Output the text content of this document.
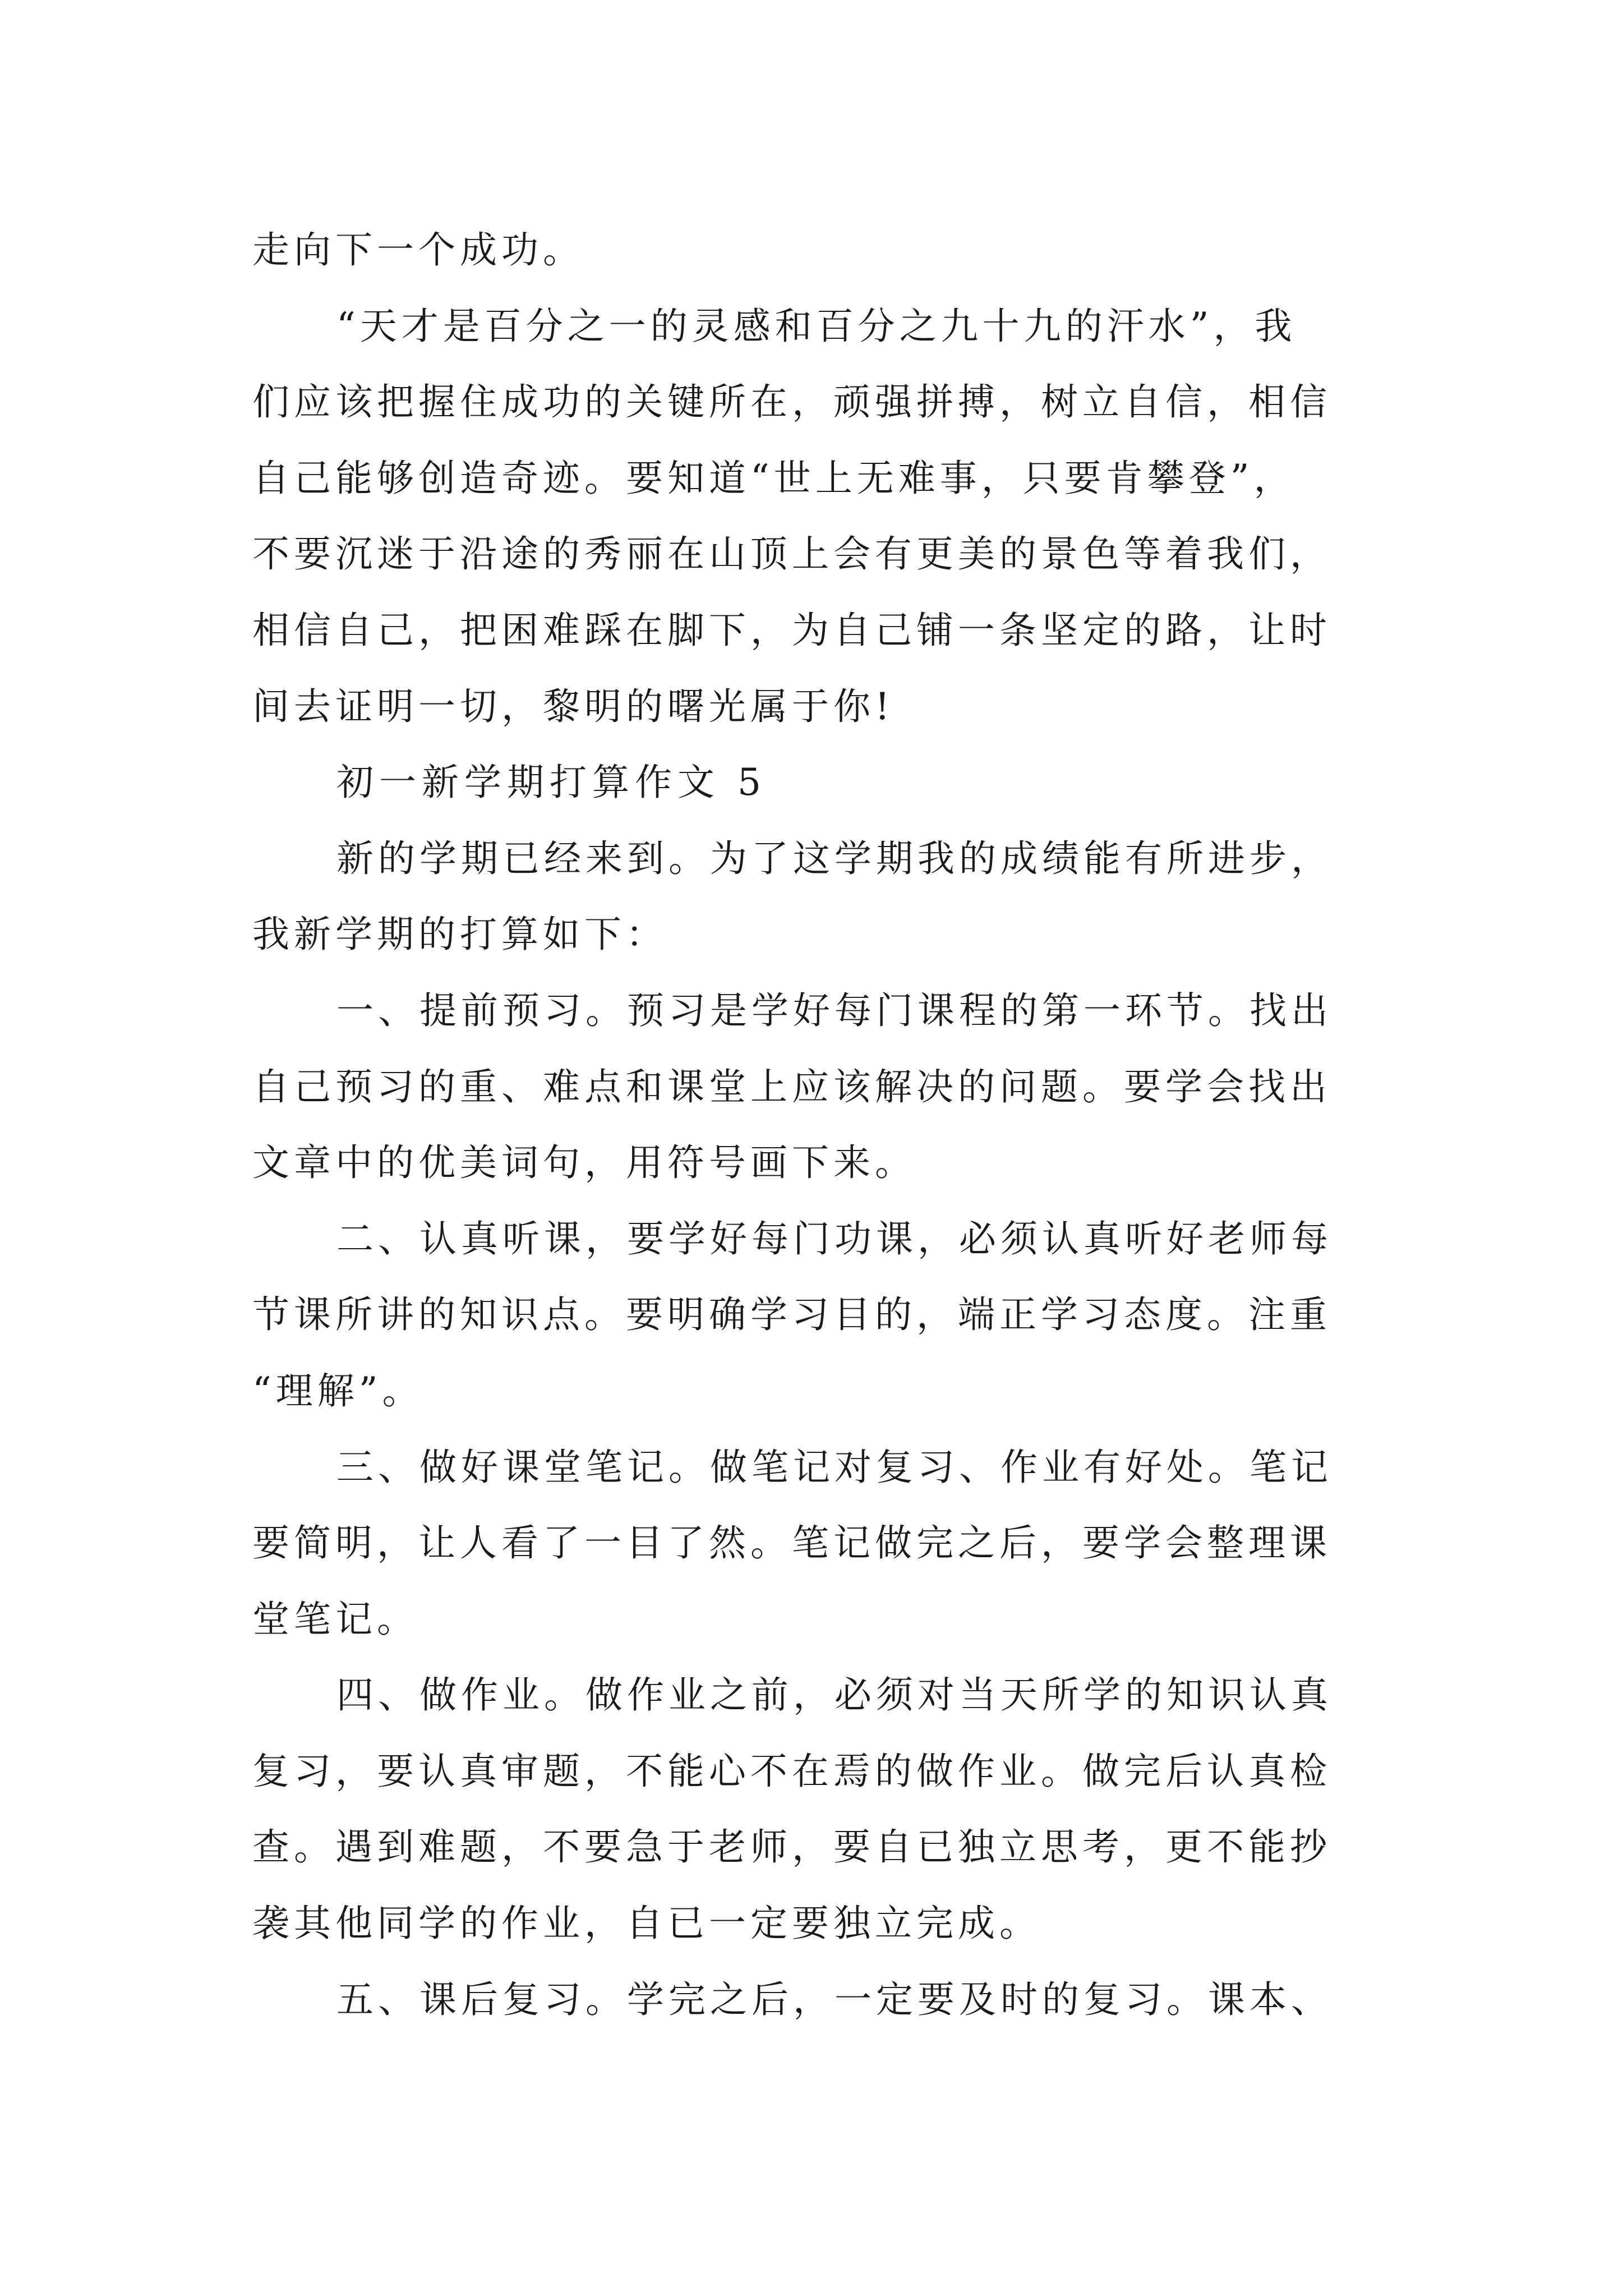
走向下一个成功。
“天才是百分之一的灵感和百分之九十九的汗水”，我
们应该把握住成功的关键所在，顽强拼搏，树立自信，相信
自己能够创造奇迹。要知道“世上无难事，只要肯攀登”，
不要沉迷于沿途的秀丽在山顶上会有更美的景色等着我们，
相信自己，把困难踩在脚下，为自己铺一条坚定的路，让时
间去证明一切，黎明的曙光属于你!
初一新学期打算作文 5
新的学期已经来到。为了这学期我的成绩能有所进步，
我新学期的打算如下：
一、提前预习。预习是学好每门课程的第一环节。找出
自己预习的重、难点和课堂上应该解决的问题。要学会找出
文章中的优美词句，用符号画下来。
二、认真听课，要学好每门功课，必须认真听好老师每
节课所讲的知识点。要明确学习目的，端正学习态度。注重
“理解”。
三、做好课堂笔记。做笔记对复习、作业有好处。笔记
要简明，让人看了一目了然。笔记做完之后，要学会整理课
堂笔记。
四、做作业。做作业之前，必须对当天所学的知识认真
复习，要认真审题，不能心不在焉的做作业。做完后认真检
查。遇到难题，不要急于老师，要自已独立思考，更不能抄
袭其他同学的作业，自已一定要独立完成。
五、课后复习。学完之后，一定要及时的复习。课本、
